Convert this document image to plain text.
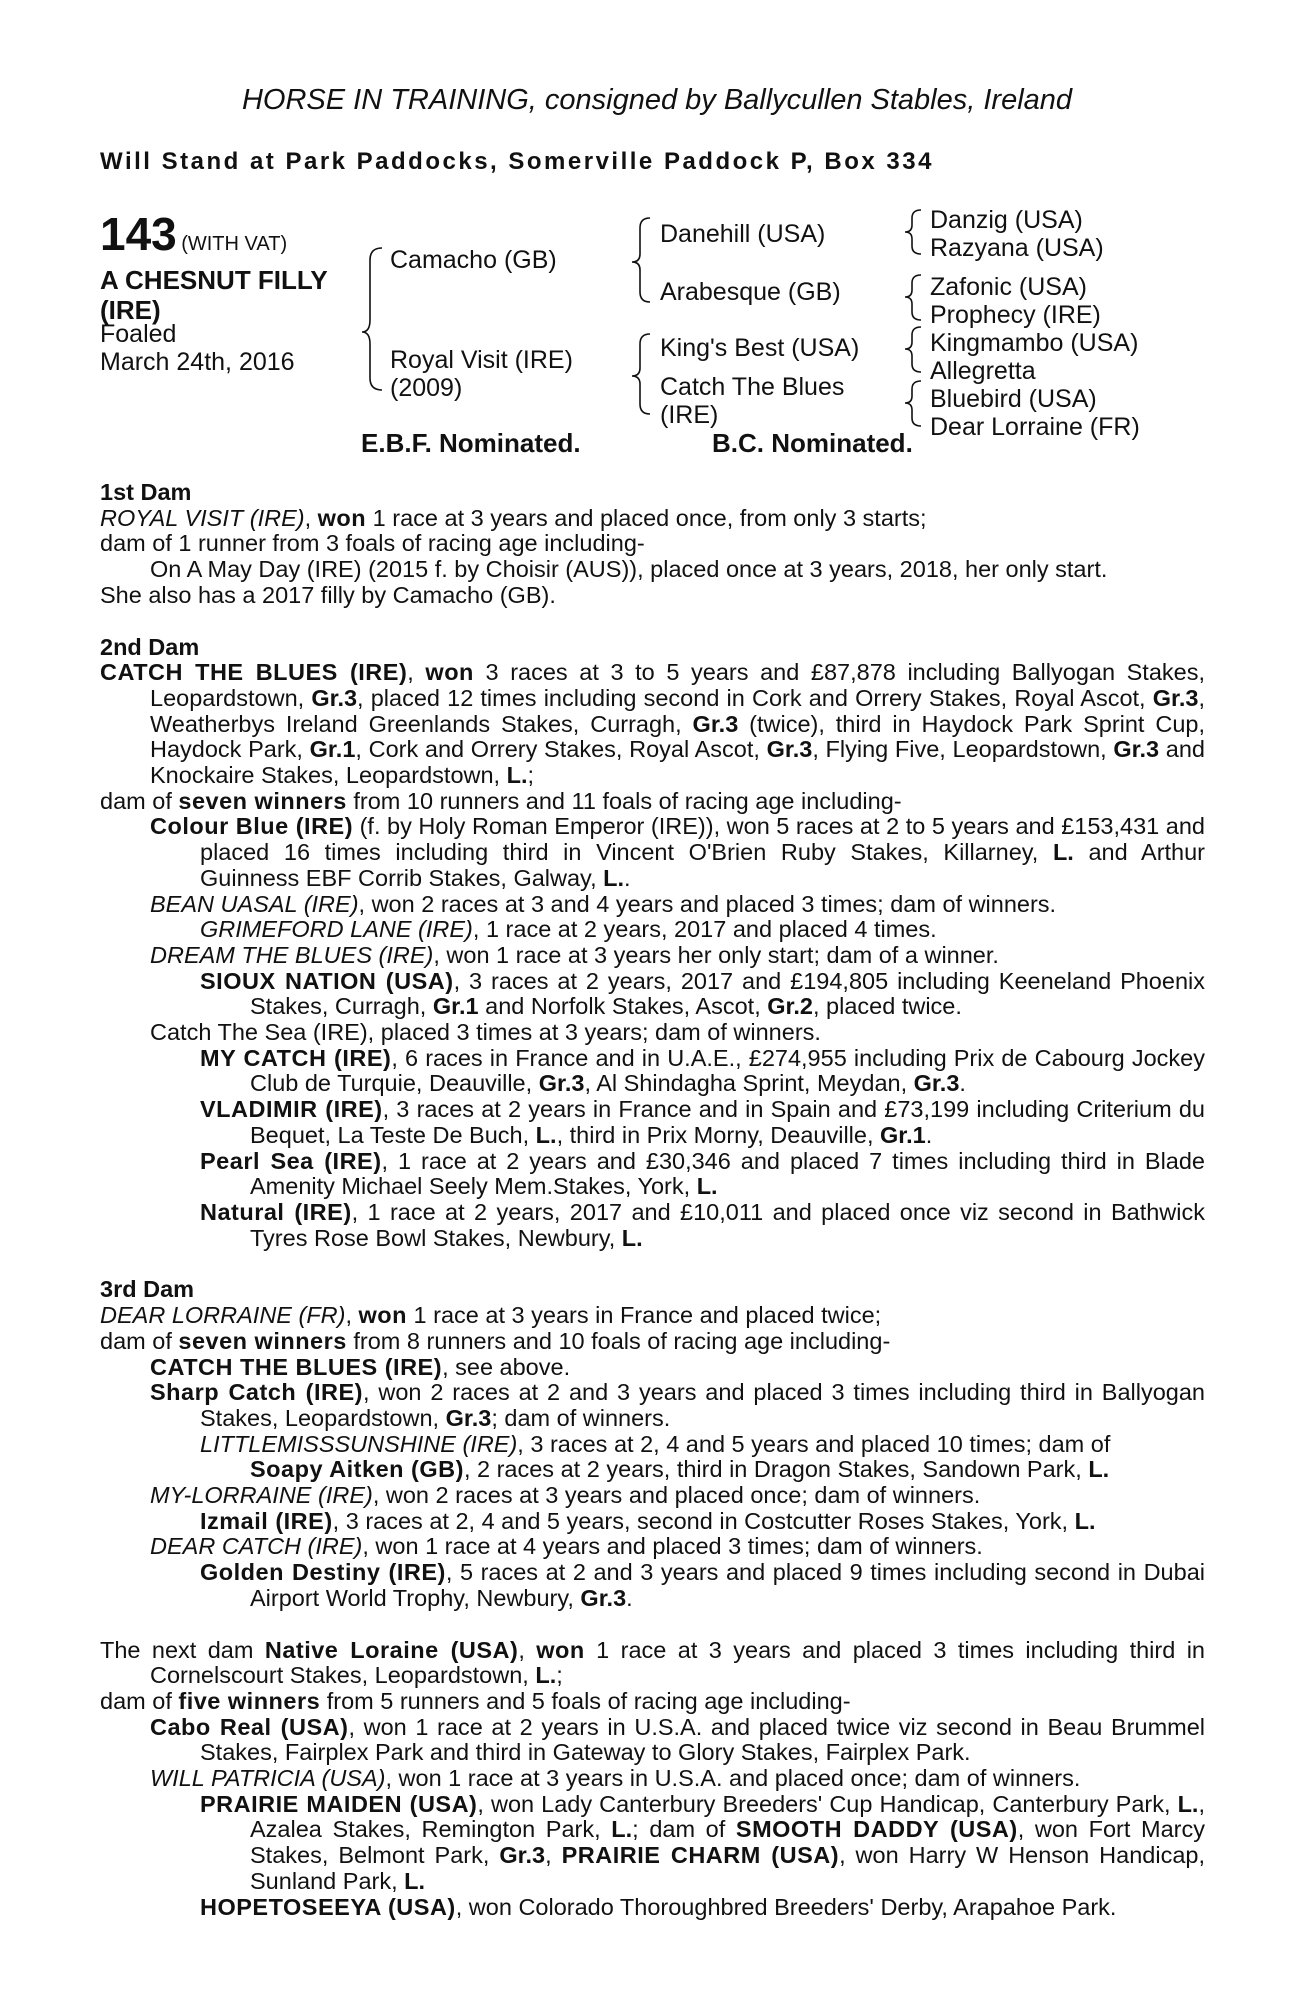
HORSE IN TRAINING, consigned by Ballycullen Stables, Ireland
Will Stand at Park Paddocks, Somerville Paddock P, Box 334
143 (WITH VAT)
A CHESNUT FILLY
(IRE)
Foaled
March 24th, 2016
Camacho (GB)
Royal Visit (IRE)
(2009)
Danehill (USA)
Arabesque (GB)
King's Best (USA)
Catch The Blues
(IRE)
Danzig (USA)
Razyana (USA)
Zafonic (USA)
Prophecy (IRE)
Kingmambo (USA)
Allegretta
Bluebird (USA)
Dear Lorraine (FR)
E.B.F. Nominated.	B.C. Nominated.

1st Dam

ROYAL VISIT (IRE), won 1 race at 3 years and placed once, from only 3 starts;

dam of 1 runner from 3 foals of racing age including-

On A May Day (IRE) (2015 f. by Choisir (AUS)), placed once at 3 years, 2018, her only start.

She also has a 2017 filly by Camacho (GB).

2nd Dam

CATCH THE BLUES (IRE), won 3 races at 3 to 5 years and £87,878 including Ballyogan Stakes, Leopardstown, Gr.3, placed 12 times including second in Cork and Orrery Stakes, Royal Ascot, Gr.3, Weatherbys Ireland Greenlands Stakes, Curragh, Gr.3 (twice), third in Haydock Park Sprint Cup, Haydock Park, Gr.1, Cork and Orrery Stakes, Royal Ascot, Gr.3, Flying Five, Leopardstown, Gr.3 and Knockaire Stakes, Leopardstown, L.;

dam of seven winners from 10 runners and 11 foals of racing age including-

Colour Blue (IRE) (f. by Holy Roman Emperor (IRE)), won 5 races at 2 to 5 years and £153,431 and placed 16 times including third in Vincent O'Brien Ruby Stakes, Killarney, L. and Arthur Guinness EBF Corrib Stakes, Galway, L..

BEAN UASAL (IRE), won 2 races at 3 and 4 years and placed 3 times; dam of winners.

GRIMEFORD LANE (IRE), 1 race at 2 years, 2017 and placed 4 times.

DREAM THE BLUES (IRE), won 1 race at 3 years her only start; dam of a winner.

SIOUX NATION (USA), 3 races at 2 years, 2017 and £194,805 including Keeneland Phoenix Stakes, Curragh, Gr.1 and Norfolk Stakes, Ascot, Gr.2, placed twice.

Catch The Sea (IRE), placed 3 times at 3 years; dam of winners.

MY CATCH (IRE), 6 races in France and in U.A.E., £274,955 including Prix de Cabourg Jockey Club de Turquie, Deauville, Gr.3, Al Shindagha Sprint, Meydan, Gr.3.

VLADIMIR (IRE), 3 races at 2 years in France and in Spain and £73,199 including Criterium du Bequet, La Teste De Buch, L., third in Prix Morny, Deauville, Gr.1.

Pearl Sea (IRE), 1 race at 2 years and £30,346 and placed 7 times including third in Blade Amenity Michael Seely Mem.Stakes, York, L.

Natural (IRE), 1 race at 2 years, 2017 and £10,011 and placed once viz second in Bathwick Tyres Rose Bowl Stakes, Newbury, L.

3rd Dam

DEAR LORRAINE (FR), won 1 race at 3 years in France and placed twice;

dam of seven winners from 8 runners and 10 foals of racing age including-

CATCH THE BLUES (IRE), see above.

Sharp Catch (IRE), won 2 races at 2 and 3 years and placed 3 times including third in Ballyogan Stakes, Leopardstown, Gr.3; dam of winners.

LITTLEMISSSUNSHINE (IRE), 3 races at 2, 4 and 5 years and placed 10 times; dam of

Soapy Aitken (GB), 2 races at 2 years, third in Dragon Stakes, Sandown Park, L.

MY-LORRAINE (IRE), won 2 races at 3 years and placed once; dam of winners.

Izmail (IRE), 3 races at 2, 4 and 5 years, second in Costcutter Roses Stakes, York, L.

DEAR CATCH (IRE), won 1 race at 4 years and placed 3 times; dam of winners.

Golden Destiny (IRE), 5 races at 2 and 3 years and placed 9 times including second in Dubai Airport World Trophy, Newbury, Gr.3.

The next dam Native Loraine (USA), won 1 race at 3 years and placed 3 times including third in Cornelscourt Stakes, Leopardstown, L.;

dam of five winners from 5 runners and 5 foals of racing age including-

Cabo Real (USA), won 1 race at 2 years in U.S.A. and placed twice viz second in Beau Brummel Stakes, Fairplex Park and third in Gateway to Glory Stakes, Fairplex Park.

WILL PATRICIA (USA), won 1 race at 3 years in U.S.A. and placed once; dam of winners.

PRAIRIE MAIDEN (USA), won Lady Canterbury Breeders' Cup Handicap, Canterbury Park, L., Azalea Stakes, Remington Park, L.; dam of SMOOTH DADDY (USA), won Fort Marcy Stakes, Belmont Park, Gr.3, PRAIRIE CHARM (USA), won Harry W Henson Handicap, Sunland Park, L.

HOPETOSEEYA (USA), won Colorado Thoroughbred Breeders' Derby, Arapahoe Park.
